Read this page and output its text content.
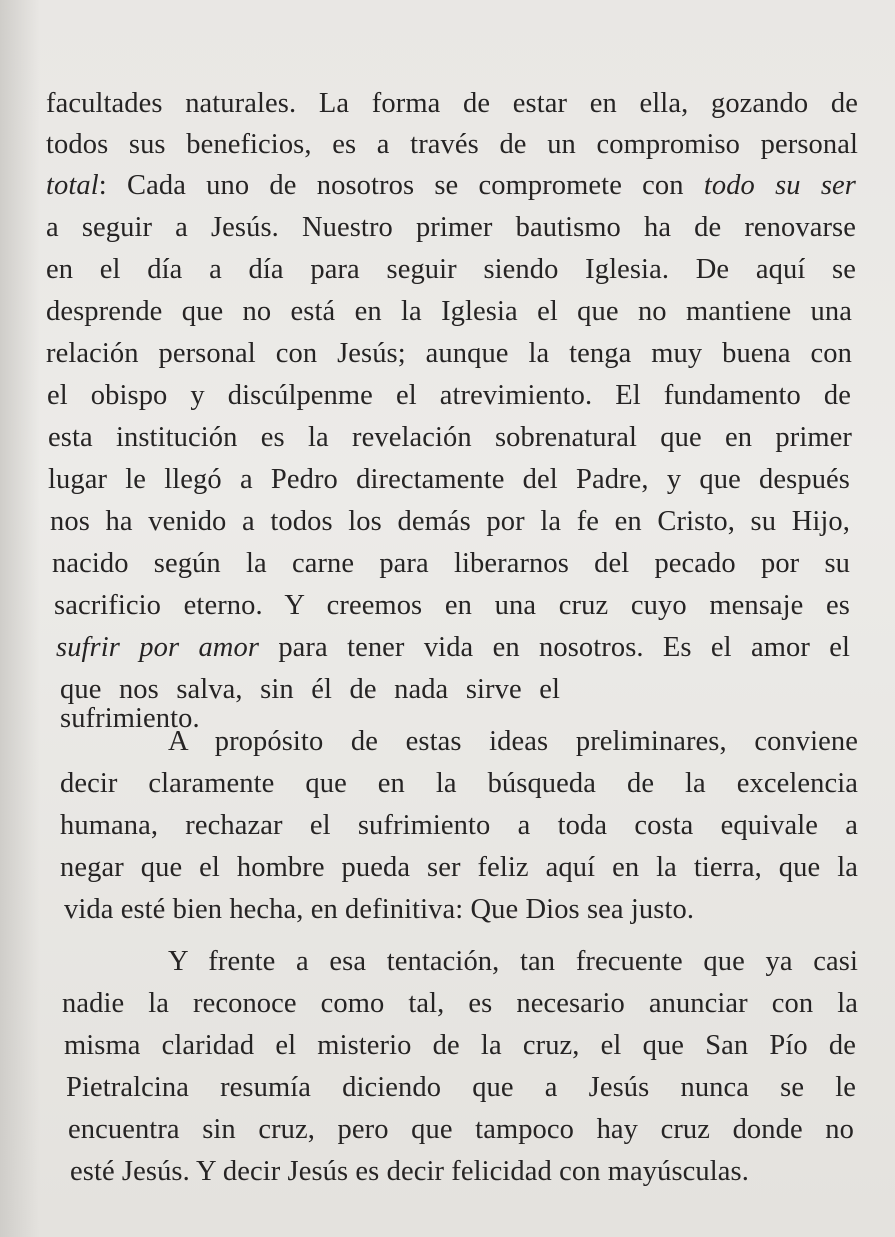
facultades naturales. La forma de estar en ella, gozando de
todos sus beneficios, es a través de un compromiso personal
total: Cada uno de nosotros se compromete con todo su ser
a seguir a Jesús. Nuestro primer bautismo ha de renovarse
en el día a día para seguir siendo Iglesia. De aquí se
desprende que no está en la Iglesia el que no mantiene una
relación personal con Jesús; aunque la tenga muy buena con
el obispo y discúlpenme el atrevimiento. El fundamento de
esta institución es la revelación sobrenatural que en primer
lugar le llegó a Pedro directamente del Padre, y que después
nos ha venido a todos los demás por la fe en Cristo, su Hijo,
nacido según la carne para liberarnos del pecado por su
sacrificio eterno. Y creemos en una cruz cuyo mensaje es
sufrir por amor para tener vida en nosotros. Es el amor el
que nos salva, sin él de nada sirve el sufrimiento.
A propósito de estas ideas preliminares, conviene
decir claramente que en la búsqueda de la excelencia
humana, rechazar el sufrimiento a toda costa equivale a
negar que el hombre pueda ser feliz aquí en la tierra, que la
vida esté bien hecha, en definitiva: Que Dios sea justo.
Y frente a esa tentación, tan frecuente que ya casi
nadie la reconoce como tal, es necesario anunciar con la
misma claridad el misterio de la cruz, el que San Pío de
Pietralcina resumía diciendo que a Jesús nunca se le
encuentra sin cruz, pero que tampoco hay cruz donde no
esté Jesús. Y decir Jesús es decir felicidad con mayúsculas.
